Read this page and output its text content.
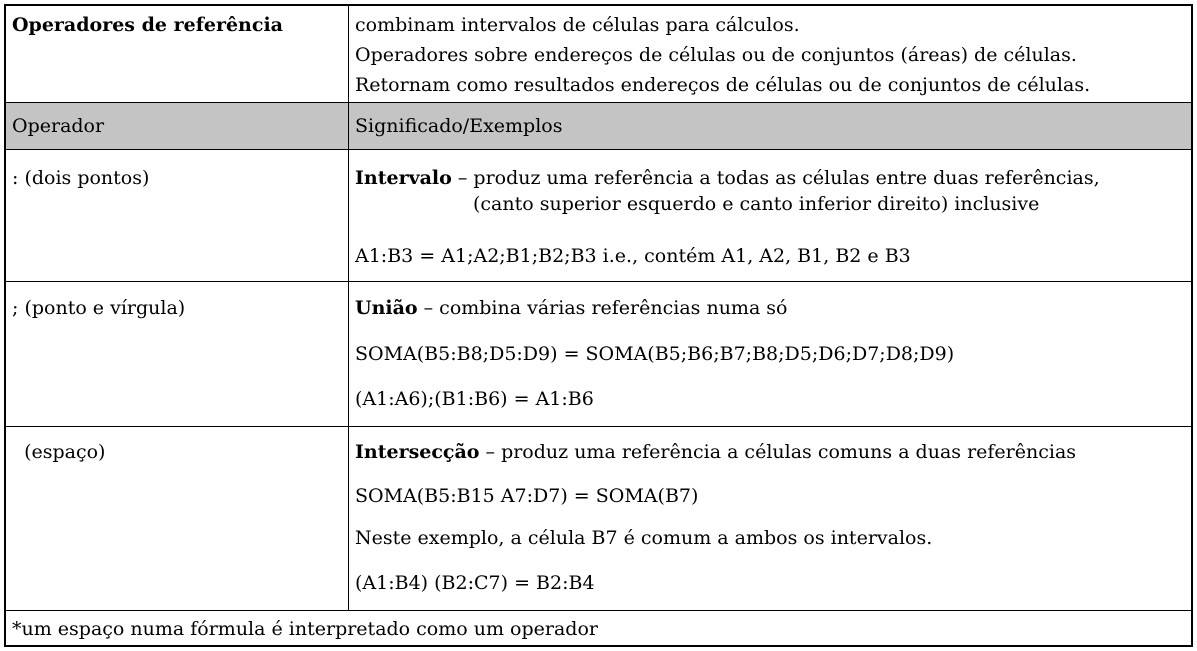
Operadores de referência	combinam intervalos de células para cálculos.
Operadores sobre endereços de células ou de conjuntos (áreas) de células.
Retornam como resultados endereços de células ou de conjuntos de células.
Operador	Significado/Exemplos
: (dois pontos)	Intervalo – produz uma referência a todas as células entre duas referências,
(canto superior esquerdo e canto inferior direito) inclusive
A1:B3 = A1;A2;B1;B2;B3 i.e., contém A1, A2, B1, B2 e B3
; (ponto e vírgula)	União – combina várias referências numa só
SOMA(B5:B8;D5:D9) = SOMA(B5;B6;B7;B8;D5;D6;D7;D8;D9)
(A1:A6);(B1:B6) = A1:B6
(espaço)	Intersecção – produz uma referência a células comuns a duas referências
SOMA(B5:B15 A7:D7) = SOMA(B7)
Neste exemplo, a célula B7 é comum a ambos os intervalos.
(A1:B4) (B2:C7) = B2:B4
*um espaço numa fórmula é interpretado como um operador
